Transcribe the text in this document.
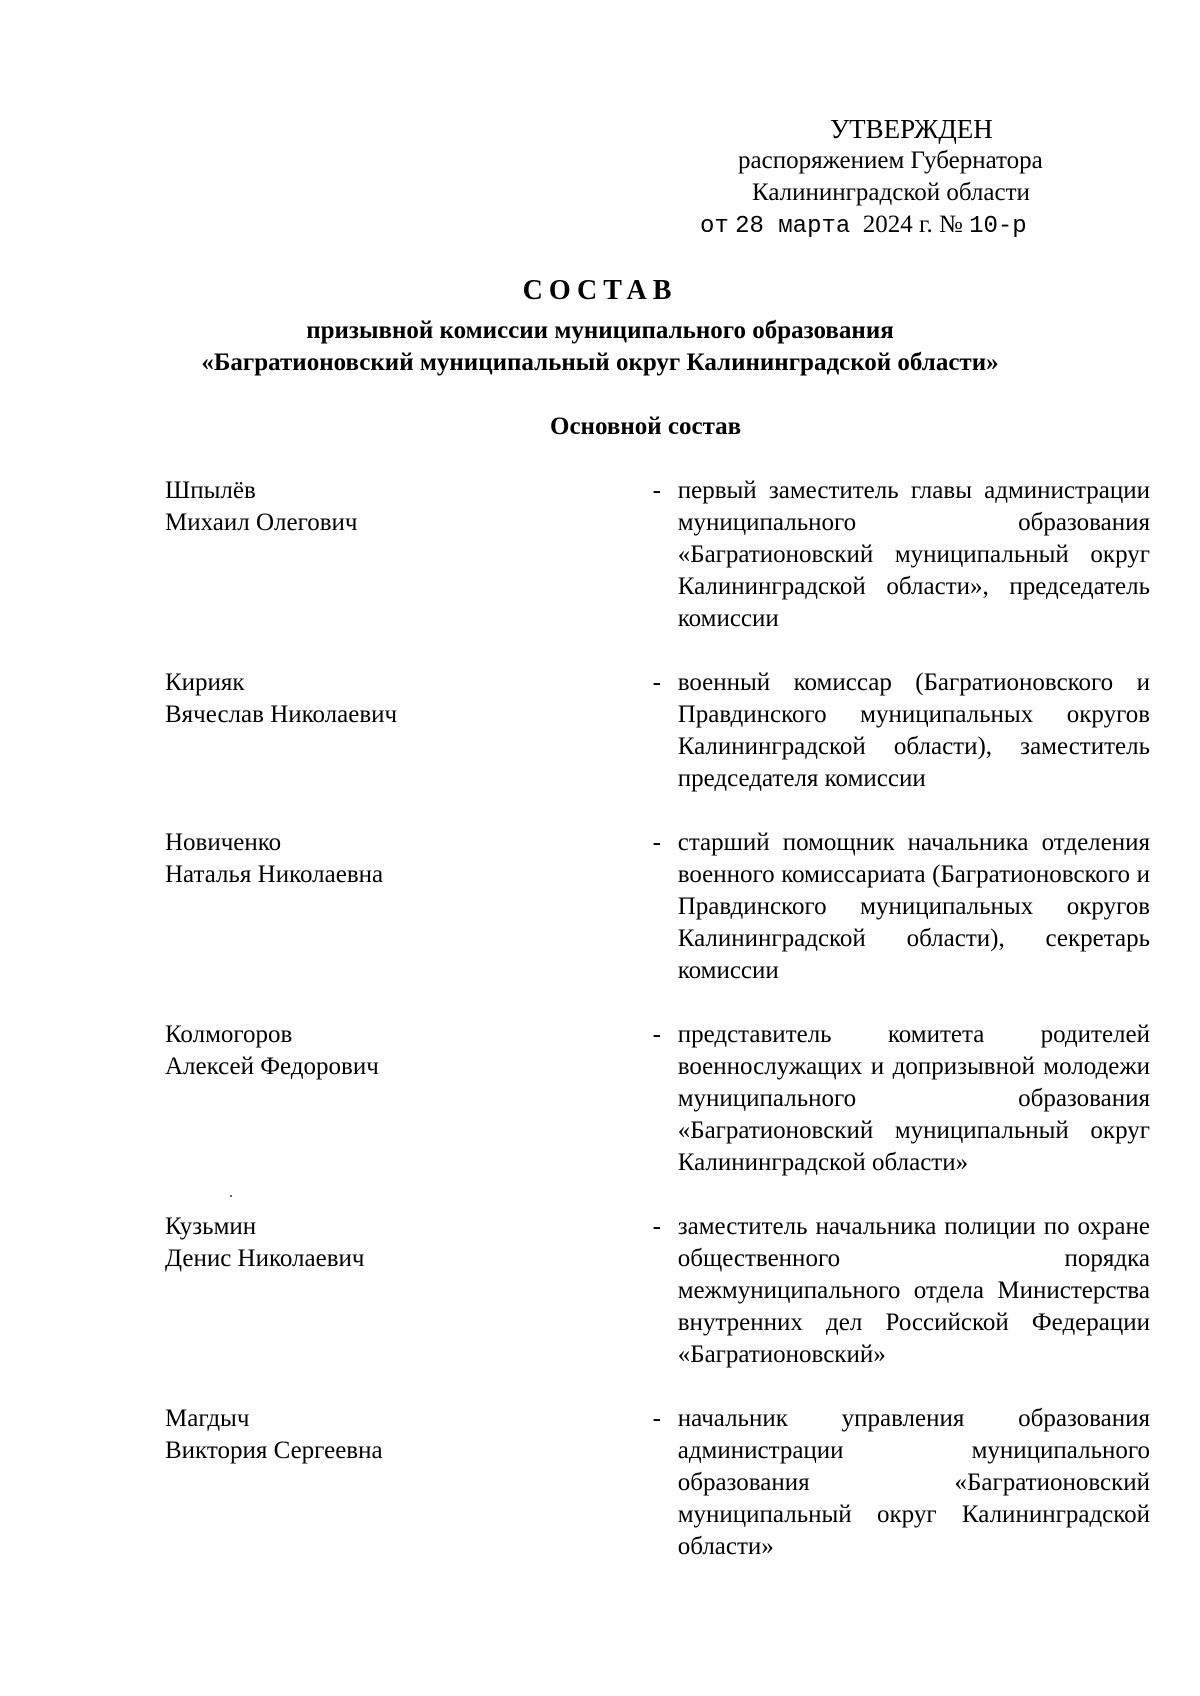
УТВЕРЖДЕН
распоряжением Губернатора
Калининградской области
от 28 марта 2024 г. № 10-р
СОСТАВ
призывной комиссии муниципального образования
«Багратионовский муниципальный округ Калининградской области»
Основной состав
Шпылёв
Михаил Олегович
- первый заместитель главы администрации муниципального образования «Багратионовский муниципальный округ Калининградской области», председатель комиссии
Кирияк
Вячеслав Николаевич
- военный комиссар (Багратионовского и Правдинского муниципальных округов Калининградской области), заместитель председателя комиссии
Новиченко
Наталья Николаевна
- старший помощник начальника отделения военного комиссариата (Багратионовского и Правдинского муниципальных округов Калининградской области), секретарь комиссии
Колмогоров
Алексей Федорович
- представитель комитета родителей военнослужащих и допризывной молодежи муниципального образования «Багратионовский муниципальный округ Калининградской области»
Кузьмин
Денис Николаевич
- заместитель начальника полиции по охране общественного порядка межмуниципального отдела Министерства внутренних дел Российской Федерации «Багратионовский»
Магдыч
Виктория Сергеевна
- начальник управления образования администрации муниципального образования «Багратионовский муниципальный округ Калининградской области»
